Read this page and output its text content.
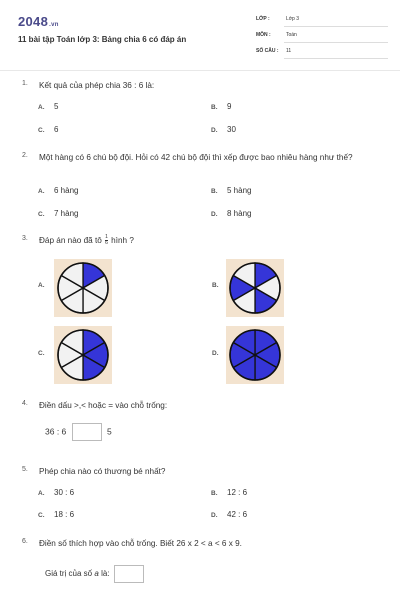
2048.vn
11 bài tập Toán lớp 3: Bảng chia 6 có đáp án
LỚP :	Lớp 3
MÔN :	Toán
SỐ CÂU : 11
1. Kết quả của phép chia 36 : 6 là:
A. 5	B. 9
C. 6	D. 30
2. Một hàng có 6 chú bộ đội. Hỏi có 42 chú bộ đội thì xếp được bao nhiêu hàng như thế?
A. 6 hàng	B. 5 hàng
C. 7 hàng	D. 8 hàng
3. Đáp án nào đã tô $\frac{1}{6}$ hình ?
A.	B.
C.	D.
4. Điền dấu >,< hoặc = vào chỗ trống:
36 : 6	5
5. Phép chia nào có thương bé nhất?
A. 30 : 6	B. 12 : 6
C. 18 : 6	D. 42 : 6
6. Điền số thích hợp vào chỗ trống. Biết 26 x 2 < a < 6 x 9.
Giá trị của số a là:
